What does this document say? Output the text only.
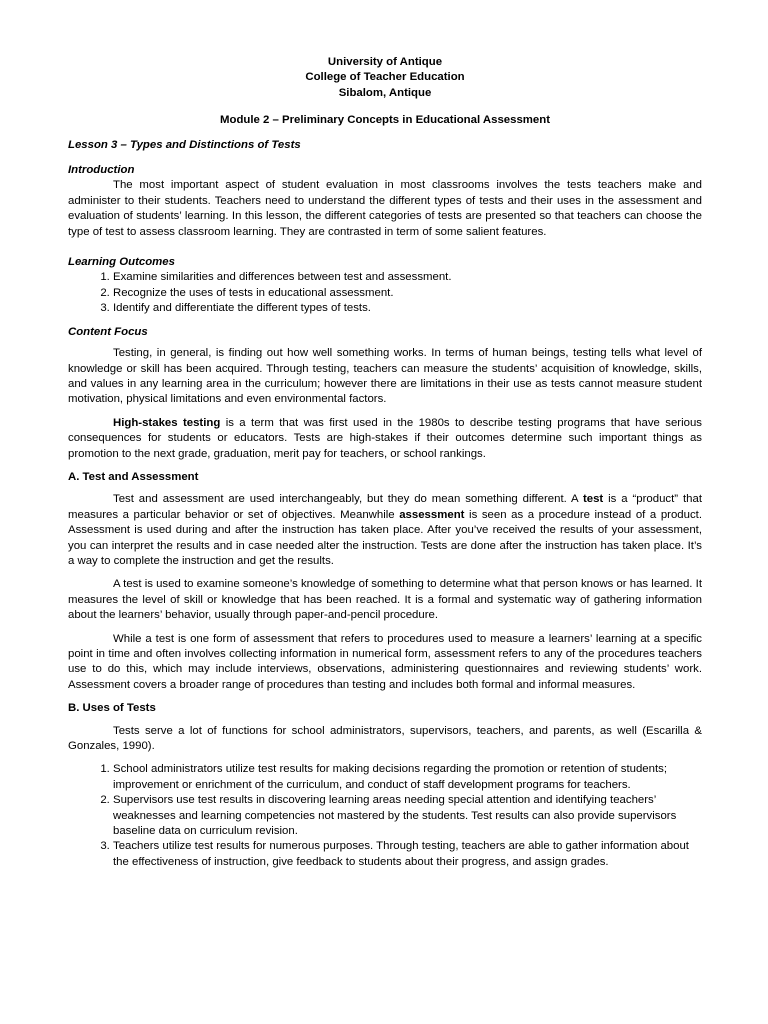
University of Antique

College of Teacher Education

Sibalom, Antique

Module 2 – Preliminary Concepts in Educational Assessment

Lesson 3 – Types and Distinctions of Tests

Introduction

The most important aspect of student evaluation in most classrooms involves the tests teachers make and administer to their students. Teachers need to understand the different types of tests and their uses in the assessment and evaluation of students’ learning. In this lesson, the different categories of tests are presented so that teachers can choose the type of test to assess classroom learning. They are contrasted in term of some salient features.

Learning Outcomes

1. Examine similarities and differences between test and assessment.
2. Recognize the uses of tests in educational assessment.
3. Identify and differentiate the different types of tests.

Content Focus

Testing, in general, is finding out how well something works. In terms of human beings, testing tells what level of knowledge or skill has been acquired. Through testing, teachers can measure the students’ acquisition of knowledge, skills, and values in any learning area in the curriculum; however there are limitations in their use as tests cannot measure student motivation, physical limitations and even environmental factors.

High-stakes testing is a term that was first used in the 1980s to describe testing programs that have serious consequences for students or educators. Tests are high-stakes if their outcomes determine such important things as promotion to the next grade, graduation, merit pay for teachers, or school rankings.

A. Test and Assessment

Test and assessment are used interchangeably, but they do mean something different. A test is a “product” that measures a particular behavior or set of objectives. Meanwhile assessment is seen as a procedure instead of a product. Assessment is used during and after the instruction has taken place. After you’ve received the results of your assessment, you can interpret the results and in case needed alter the instruction. Tests are done after the instruction has taken place. It’s a way to complete the instruction and get the results.

A test is used to examine someone’s knowledge of something to determine what that person knows or has learned. It measures the level of skill or knowledge that has been reached. It is a formal and systematic way of gathering information about the learners’ behavior, usually through paper-and-pencil procedure.

While a test is one form of assessment that refers to procedures used to measure a learners’ learning at a specific point in time and often involves collecting information in numerical form, assessment refers to any of the procedures teachers use to do this, which may include interviews, observations, administering questionnaires and reviewing students’ work. Assessment covers a broader range of procedures than testing and includes both formal and informal measures.

B. Uses of Tests

Tests serve a lot of functions for school administrators, supervisors, teachers, and parents, as well (Escarilla & Gonzales, 1990).

1. School administrators utilize test results for making decisions regarding the promotion or retention of students; improvement or enrichment of the curriculum, and conduct of staff development programs for teachers.
2. Supervisors use test results in discovering learning areas needing special attention and identifying teachers’ weaknesses and learning competencies not mastered by the students. Test results can also provide supervisors baseline data on curriculum revision.
3. Teachers utilize test results for numerous purposes. Through testing, teachers are able to gather information about the effectiveness of instruction, give feedback to students about their progress, and assign grades.
